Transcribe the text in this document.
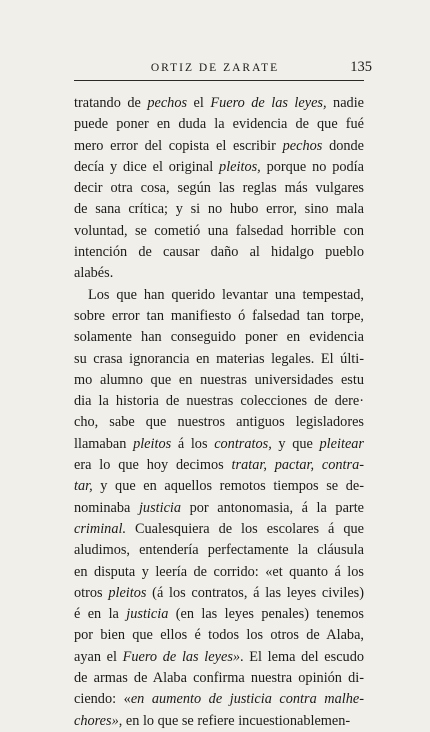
ORTIZ DE ZARATE	135
tratando de pechos el Fuero de las leyes, nadie
puede poner en duda la evidencia de que fué
mero error del copista el escribir pechos donde
decía y dice el original pleitos, porque no podía
decir otra cosa, según las reglas más vulgares
de sana crítica; y si no hubo error, sino mala
voluntad, se cometió una falsedad horrible con
intención de causar daño al hidalgo pueblo
alabés.
Los que han querido levantar una tempestad,
sobre error tan manifiesto ó falsedad tan torpe,
solamente han conseguido poner en evidencia
su crasa ignorancia en materias legales. El últi-
mo alumno que en nuestras universidades estu
dia la historia de nuestras colecciones de dere·
cho, sabe que nuestros antiguos legisladores
llamaban pleitos á los contratos, y que pleitear
era lo que hoy decimos tratar, pactar, contra-
tar, y que en aquellos remotos tiempos se de-
nominaba justicia por antonomasia, á la parte
criminal. Cualesquiera de los escolares á que
aludimos, entendería perfectamente la cláusula
en disputa y leería de corrido: «et quanto á los
otros pleitos (á los contratos, á las leyes civiles)
é en la justicia (en las leyes penales) tenemos
por bien que ellos é todos los otros de Alaba,
ayan el Fuero de las leyes». El lema del escudo
de armas de Alaba confirma nuestra opinión di-
ciendo: «en aumento de justicia contra malhe-
chores», en lo que se refiere incuestionablemen-
